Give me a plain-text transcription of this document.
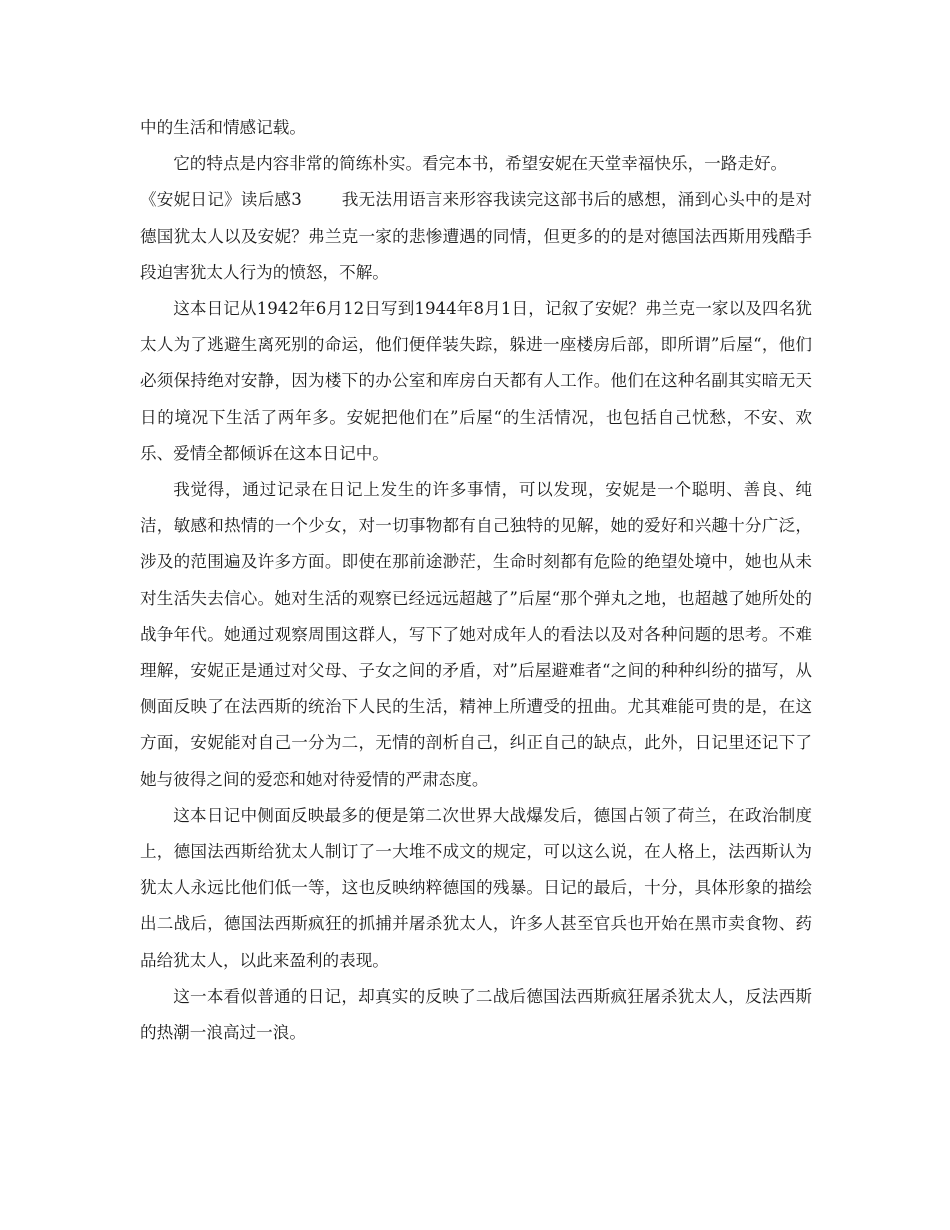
中的生活和情感记载。

它的特点是内容非常的简练朴实。看完本书，希望安妮在天堂幸福快乐，一路走好。

《安妮日记》读后感3 我无法用语言来形容我读完这部书后的感想，涌到心头中的是对德国犹太人以及安妮？弗兰克一家的悲惨遭遇的同情，但更多的的是对德国法西斯用残酷手段迫害犹太人行为的愤怒，不解。

这本日记从1942年6月12日写到1944年8月1日，记叙了安妮？弗兰克一家以及四名犹太人为了逃避生离死别的命运，他们便佯装失踪，躲进一座楼房后部，即所谓”后屋“，他们必须保持绝对安静，因为楼下的办公室和库房白天都有人工作。他们在这种名副其实暗无天日的境况下生活了两年多。安妮把他们在”后屋“的生活情况，也包括自己忧愁，不安、欢乐、爱情全都倾诉在这本日记中。

我觉得，通过记录在日记上发生的许多事情，可以发现，安妮是一个聪明、善良、纯洁，敏感和热情的一个少女，对一切事物都有自己独特的见解，她的爱好和兴趣十分广泛，涉及的范围遍及许多方面。即使在那前途渺茫，生命时刻都有危险的绝望处境中，她也从未对生活失去信心。她对生活的观察已经远远超越了”后屋“那个弹丸之地，也超越了她所处的战争年代。她通过观察周围这群人，写下了她对成年人的看法以及对各种问题的思考。不难理解，安妮正是通过对父母、子女之间的矛盾，对”后屋避难者“之间的种种纠纷的描写，从侧面反映了在法西斯的统治下人民的生活，精神上所遭受的扭曲。尤其难能可贵的是，在这方面，安妮能对自己一分为二，无情的剖析自己，纠正自己的缺点，此外，日记里还记下了她与彼得之间的爱恋和她对待爱情的严肃态度。

这本日记中侧面反映最多的便是第二次世界大战爆发后，德国占领了荷兰，在政治制度上，德国法西斯给犹太人制订了一大堆不成文的规定，可以这么说，在人格上，法西斯认为犹太人永远比他们低一等，这也反映纳粹德国的残暴。日记的最后，十分，具体形象的描绘出二战后，德国法西斯疯狂的抓捕并屠杀犹太人，许多人甚至官兵也开始在黑市卖食物、药品给犹太人，以此来盈利的表现。

这一本看似普通的日记，却真实的反映了二战后德国法西斯疯狂屠杀犹太人，反法西斯的热潮一浪高过一浪。
